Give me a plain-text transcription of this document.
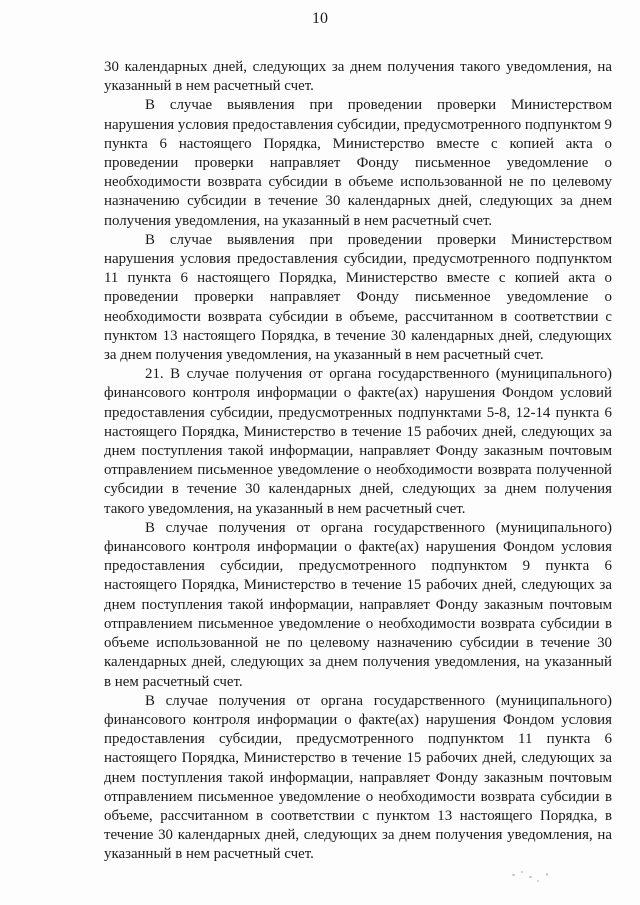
10

30 календарных дней, следующих за днем получения такого уведомления, на указанный в нем расчетный счет.

В случае выявления при проведении проверки Министерством нарушения условия предоставления субсидии, предусмотренного подпунктом 9 пункта 6 настоящего Порядка, Министерство вместе с копией акта о проведении проверки направляет Фонду письменное уведомление о необходимости возврата субсидии в объеме использованной не по целевому назначению субсидии в течение 30 календарных дней, следующих за днем получения уведомления, на указанный в нем расчетный счет.

В случае выявления при проведении проверки Министерством нарушения условия предоставления субсидии, предусмотренного подпунктом 11 пункта 6 настоящего Порядка, Министерство вместе с копией акта о проведении проверки направляет Фонду письменное уведомление о необходимости возврата субсидии в объеме, рассчитанном в соответствии с пунктом 13 настоящего Порядка, в течение 30 календарных дней, следующих за днем получения уведомления, на указанный в нем расчетный счет.

21. В случае получения от органа государственного (муниципального) финансового контроля информации о факте(ах) нарушения Фондом условий предоставления субсидии, предусмотренных подпунктами 5-8, 12-14 пункта 6 настоящего Порядка, Министерство в течение 15 рабочих дней, следующих за днем поступления такой информации, направляет Фонду заказным почтовым отправлением письменное уведомление о необходимости возврата полученной субсидии в течение 30 календарных дней, следующих за днем получения такого уведомления, на указанный в нем расчетный счет.

В случае получения от органа государственного (муниципального) финансового контроля информации о факте(ах) нарушения Фондом условия предоставления субсидии, предусмотренного подпунктом 9 пункта 6 настоящего Порядка, Министерство в течение 15 рабочих дней, следующих за днем поступления такой информации, направляет Фонду заказным почтовым отправлением письменное уведомление о необходимости возврата субсидии в объеме использованной не по целевому назначению субсидии в течение 30 календарных дней, следующих за днем получения уведомления, на указанный в нем расчетный счет.

В случае получения от органа государственного (муниципального) финансового контроля информации о факте(ах) нарушения Фондом условия предоставления субсидии, предусмотренного подпунктом 11 пункта 6 настоящего Порядка, Министерство в течение 15 рабочих дней, следующих за днем поступления такой информации, направляет Фонду заказным почтовым отправлением письменное уведомление о необходимости возврата субсидии в объеме, рассчитанном в соответствии с пунктом 13 настоящего Порядка, в течение 30 календарных дней, следующих за днем получения уведомления, на указанный в нем расчетный счет.
